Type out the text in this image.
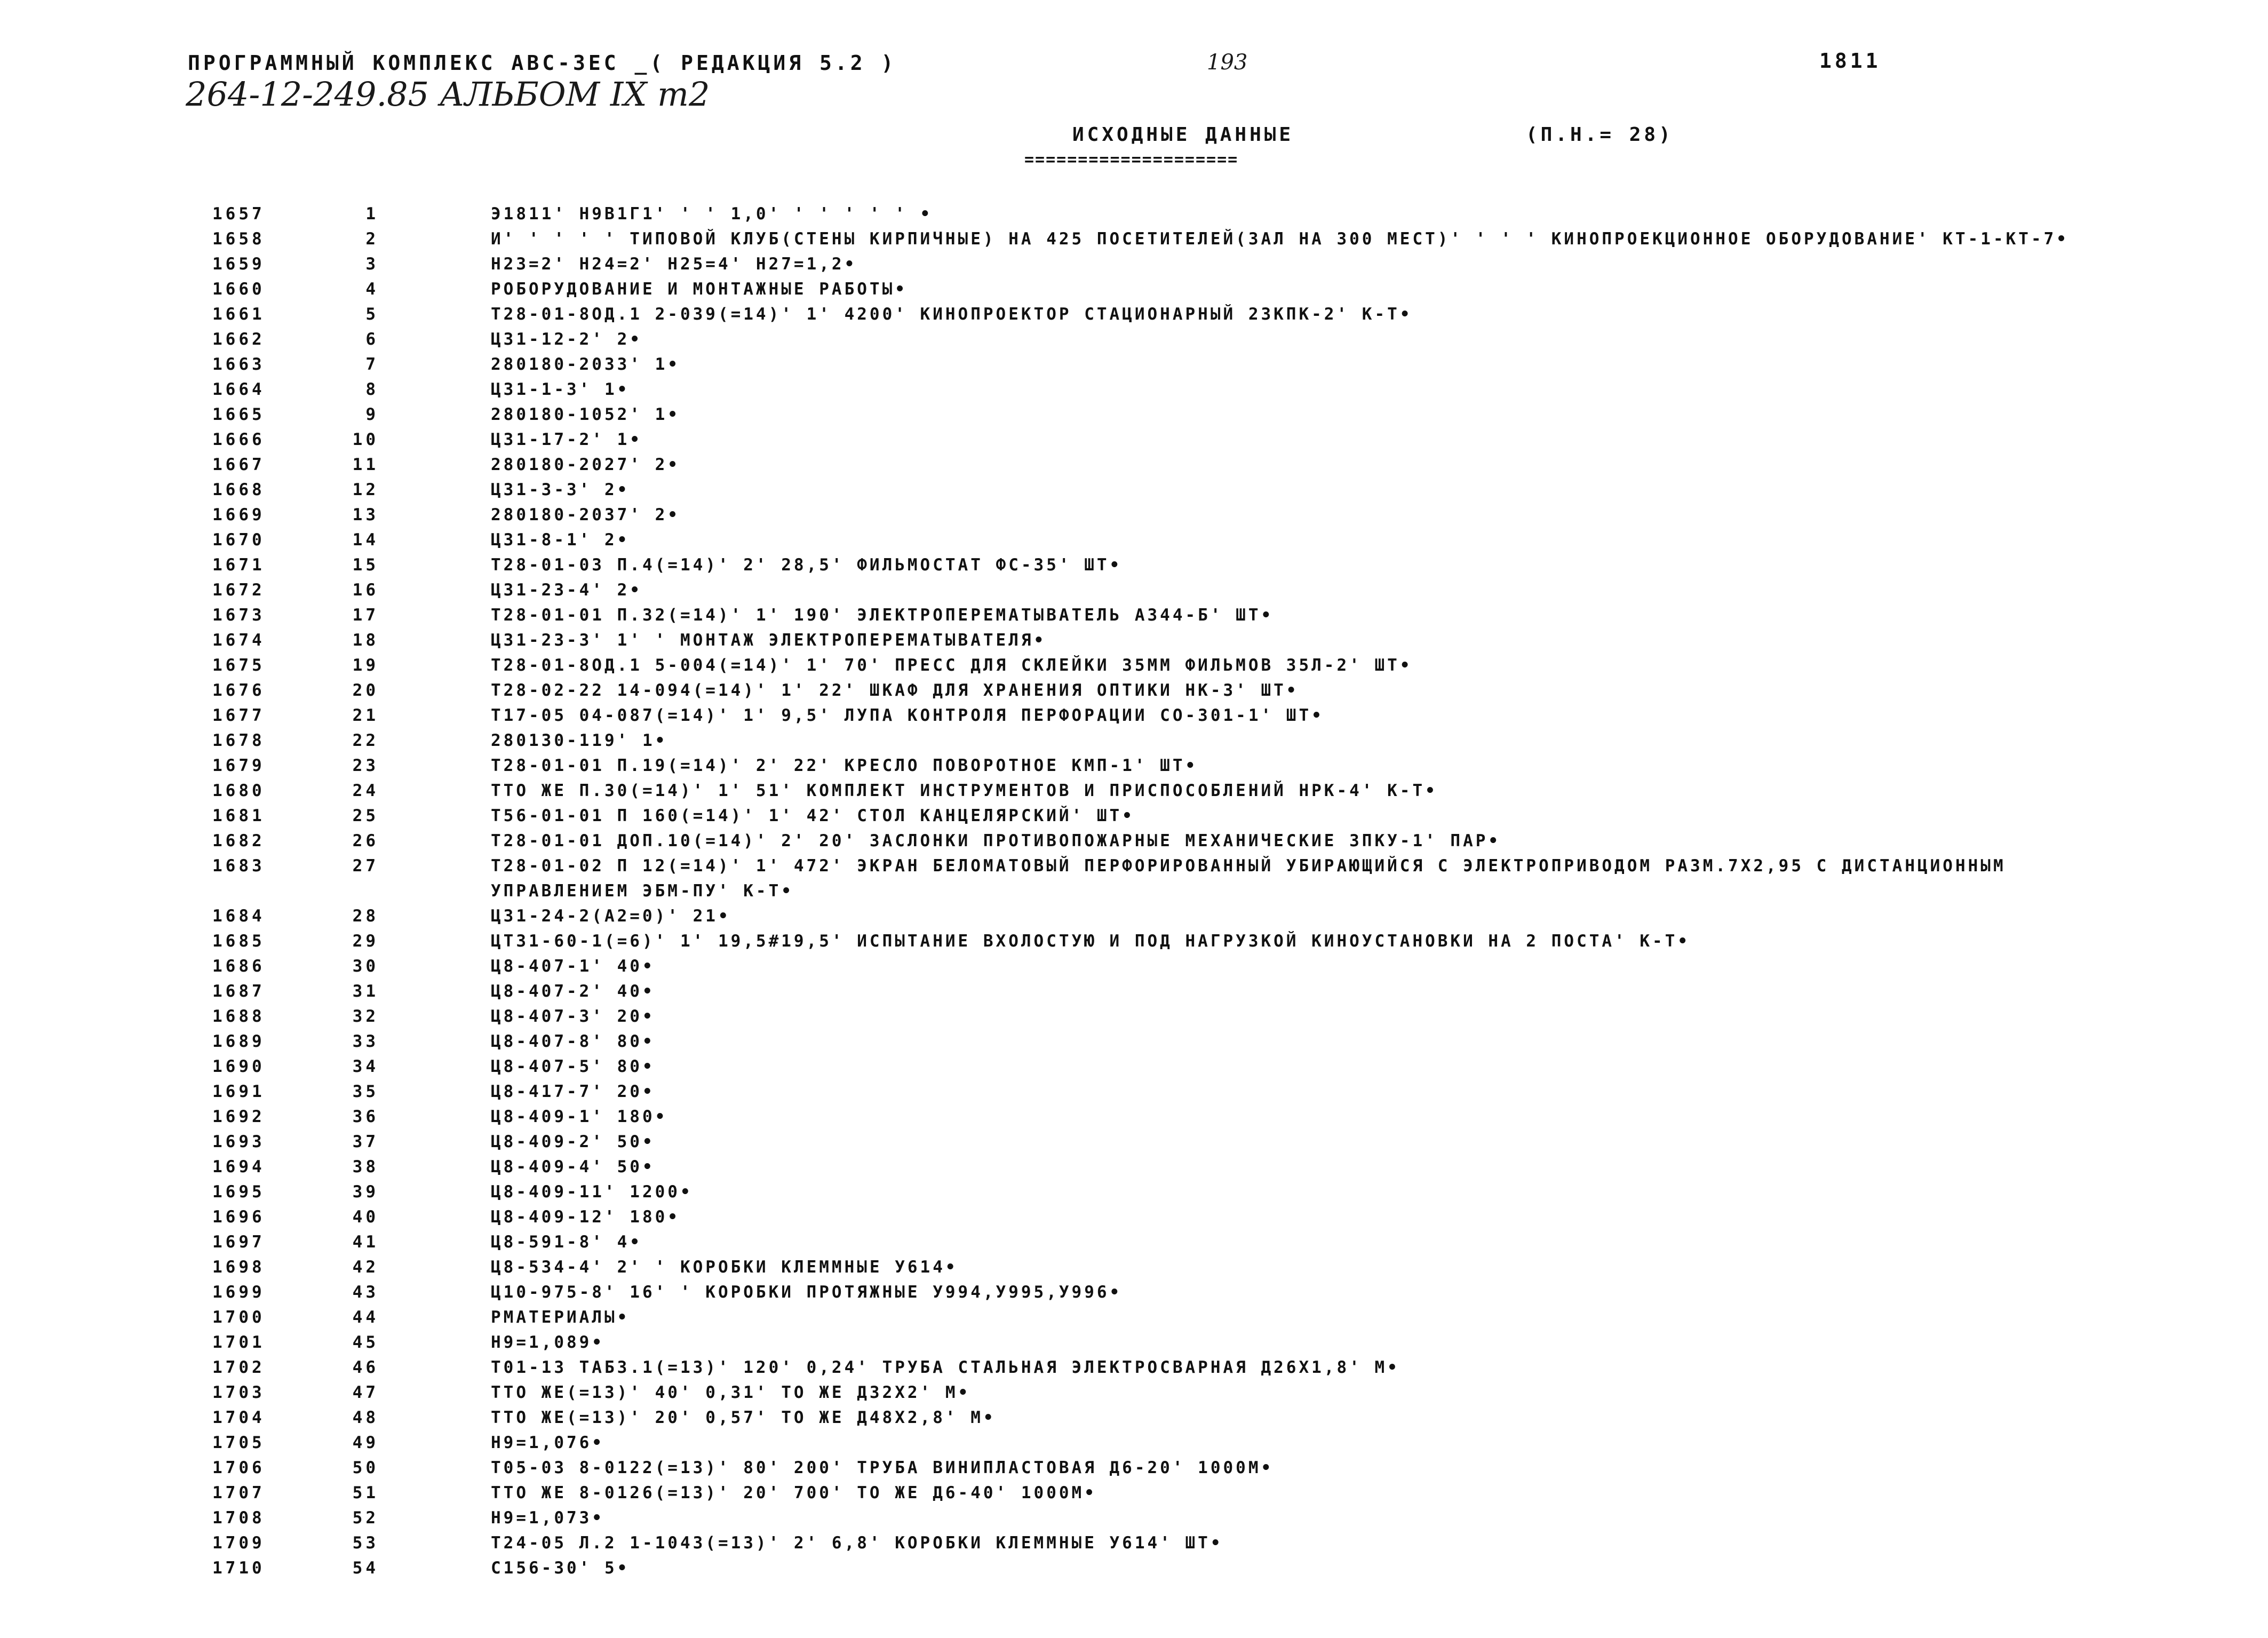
ПРОГРАММНЫЙ КОМПЛЕКС АВС-ЗЕС _( РЕДАКЦИЯ 5.2 )	193	1811
264-12-249.85 АЛЬБОМ IX т2
ИСХОДНЫЕ ДАННЫЕ	(П.Н.= 28)
====================
1657	1	Э1811' Н9В1Г1' ' ' 1,0' ' ' ' ' ' •
1658	2	И' ' ' ' ' ТИПОВОЙ КЛУБ(СТЕНЫ КИРПИЧНЫЕ) НА 425 ПОСЕТИТЕЛЕЙ(ЗАЛ НА 300 МЕСТ)' ' ' ' КИНОПРОЕКЦИОННОЕ ОБОРУДОВАНИЕ' КТ-1-КТ-7•
1659	3	Н23=2' Н24=2' Н25=4' Н27=1,2•
1660	4	РОБОРУДОВАНИЕ И МОНТАЖНЫЕ РАБОТЫ•
1661	5	Т28-01-8ОД.1 2-039(=14)' 1' 4200' КИНОПРОЕКТОР СТАЦИОНАРНЫЙ 23КПК-2' К-Т•
1662	6	Ц31-12-2' 2•
1663	7	280180-2033' 1•
1664	8	Ц31-1-3' 1•
1665	9	280180-1052' 1•
1666	10	Ц31-17-2' 1•
1667	11	280180-2027' 2•
1668	12	Ц31-3-3' 2•
1669	13	280180-2037' 2•
1670	14	Ц31-8-1' 2•
1671	15	Т28-01-03 П.4(=14)' 2' 28,5' ФИЛЬМОСТАТ ФС-35' ШТ•
1672	16	Ц31-23-4' 2•
1673	17	Т28-01-01 П.32(=14)' 1' 190' ЭЛЕКТРОПЕРЕМАТЫВАТЕЛЬ А344-Б' ШТ•
1674	18	Ц31-23-3' 1' ' МОНТАЖ ЭЛЕКТРОПЕРЕМАТЫВАТЕЛЯ•
1675	19	Т28-01-8ОД.1 5-004(=14)' 1' 70' ПРЕСС ДЛЯ СКЛЕЙКИ 35ММ ФИЛЬМОВ 35Л-2' ШТ•
1676	20	Т28-02-22 14-094(=14)' 1' 22' ШКАФ ДЛЯ ХРАНЕНИЯ ОПТИКИ НК-3' ШТ•
1677	21	Т17-05 04-087(=14)' 1' 9,5' ЛУПА КОНТРОЛЯ ПЕРФОРАЦИИ СО-301-1' ШТ•
1678	22	280130-119' 1•
1679	23	Т28-01-01 П.19(=14)' 2' 22' КРЕСЛО ПОВОРОТНОЕ КМП-1' ШТ•
1680	24	ТТО ЖЕ П.30(=14)' 1' 51' КОМПЛЕКТ ИНСТРУМЕНТОВ И ПРИСПОСОБЛЕНИЙ НРК-4' К-Т•
1681	25	Т56-01-01 П 160(=14)' 1' 42' СТОЛ КАНЦЕЛЯРСКИЙ' ШТ•
1682	26	Т28-01-01 ДОП.10(=14)' 2' 20' ЗАСЛОНКИ ПРОТИВОПОЖАРНЫЕ МЕХАНИЧЕСКИЕ ЗПКУ-1' ПАР•
1683	27	Т28-01-02 П 12(=14)' 1' 472' ЭКРАН БЕЛОМАТОВЫЙ ПЕРФОРИРОВАННЫЙ УБИРАЮЩИЙСЯ С ЭЛЕКТРОПРИВОДОМ РАЗМ.7Х2,95 С ДИСТАНЦИОННЫМ УПРАВЛЕНИЕМ ЭБМ-ПУ' К-Т•
1684	28	Ц31-24-2(А2=0)' 21•
1685	29	ЦТ31-60-1(=6)' 1' 19,5#19,5' ИСПЫТАНИЕ ВХОЛОСТУЮ И ПОД НАГРУЗКОЙ КИНОУСТАНОВКИ НА 2 ПОСТА' К-Т•
1686	30	Ц8-407-1' 40•
1687	31	Ц8-407-2' 40•
1688	32	Ц8-407-3' 20•
1689	33	Ц8-407-8' 80•
1690	34	Ц8-407-5' 80•
1691	35	Ц8-417-7' 20•
1692	36	Ц8-409-1' 180•
1693	37	Ц8-409-2' 50•
1694	38	Ц8-409-4' 50•
1695	39	Ц8-409-11' 1200•
1696	40	Ц8-409-12' 180•
1697	41	Ц8-591-8' 4•
1698	42	Ц8-534-4' 2' ' КОРОБКИ КЛЕММНЫЕ У614•
1699	43	Ц10-975-8' 16' ' КОРОБКИ ПРОТЯЖНЫЕ У994,У995,У996•
1700	44	РМАТЕРИАЛЫ•
1701	45	Н9=1,089•
1702	46	Т01-13 ТАБ3.1(=13)' 120' 0,24' ТРУБА СТАЛЬНАЯ ЭЛЕКТРОСВАРНАЯ Д26Х1,8' М•
1703	47	ТТО ЖЕ(=13)' 40' 0,31' ТО ЖЕ Д32Х2' М•
1704	48	ТТО ЖЕ(=13)' 20' 0,57' ТО ЖЕ Д48Х2,8' М•
1705	49	Н9=1,076•
1706	50	Т05-03 8-0122(=13)' 80' 200' ТРУБА ВИНИПЛАСТОВАЯ Д6-20' 1000М•
1707	51	ТТО ЖЕ 8-0126(=13)' 20' 700' ТО ЖЕ Д6-40' 1000М•
1708	52	Н9=1,073•
1709	53	Т24-05 Л.2 1-1043(=13)' 2' 6,8' КОРОБКИ КЛЕММНЫЕ У614' ШТ•
1710	54	С156-30' 5•
